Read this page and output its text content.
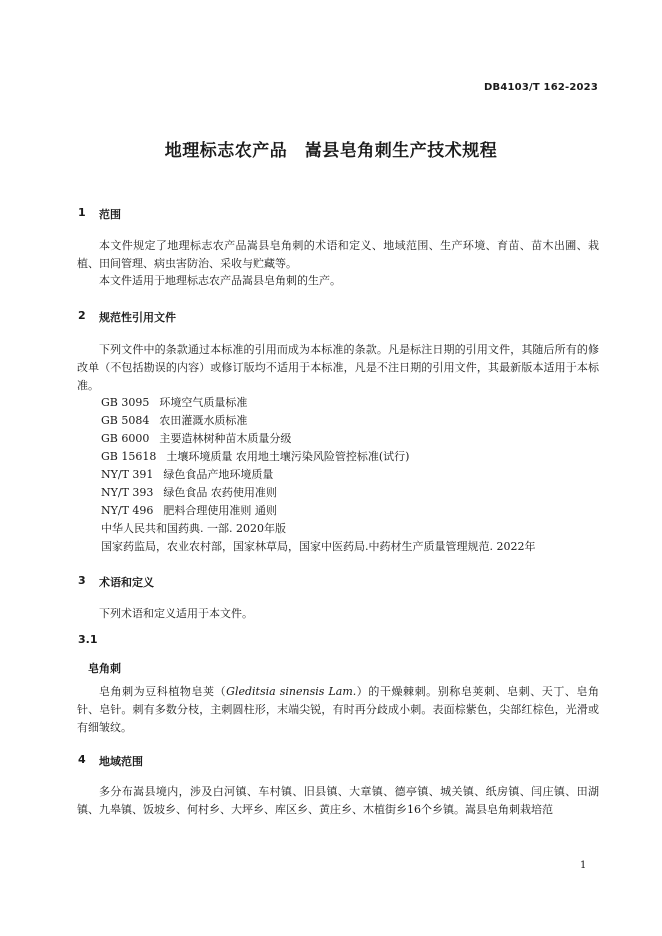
DB4103/T 162-2023
地理标志农产品　嵩县皂角刺生产技术规程
1 范围
本文件规定了地理标志农产品嵩县皂角刺的术语和定义、地域范围、生产环境、育苗、苗木出圃、栽植、田间管理、病虫害防治、采收与贮藏等。
本文件适用于地理标志农产品嵩县皂角刺的生产。
2 规范性引用文件
下列文件中的条款通过本标准的引用而成为本标准的条款。凡是标注日期的引用文件，其随后所有的修改单（不包括勘误的内容）或修订版均不适用于本标准，凡是不注日期的引用文件，其最新版本适用于本标准。
GB 3095 环境空气质量标准
GB 5084 农田灌溉水质标准
GB 6000 主要造林树种苗木质量分级
GB 15618 土壤环境质量 农用地土壤污染风险管控标准(试行)
NY/T 391 绿色食品产地环境质量
NY/T 393 绿色食品 农药使用准则
NY/T 496 肥料合理使用准则 通则
中华人民共和国药典. 一部. 2020年版
国家药监局，农业农村部，国家林草局，国家中医药局.中药材生产质量管理规范. 2022年
3 术语和定义
下列术语和定义适用于本文件。
3.1
皂角刺
皂角刺为豆科植物皂荚（Gleditsia sinensis Lam.）的干燥棘刺。别称皂荚刺、皂刺、天丁、皂角针、皂针。刺有多数分枝，主刺圆柱形，末端尖锐，有时再分歧成小刺。表面棕紫色，尖部红棕色，光滑或有细皱纹。
4 地域范围
多分布嵩县境内，涉及白河镇、车村镇、旧县镇、大章镇、德亭镇、城关镇、纸房镇、闫庄镇、田湖镇、九皋镇、饭坡乡、何村乡、大坪乡、库区乡、黄庄乡、木植街乡16个乡镇。嵩县皂角刺栽培范
1
